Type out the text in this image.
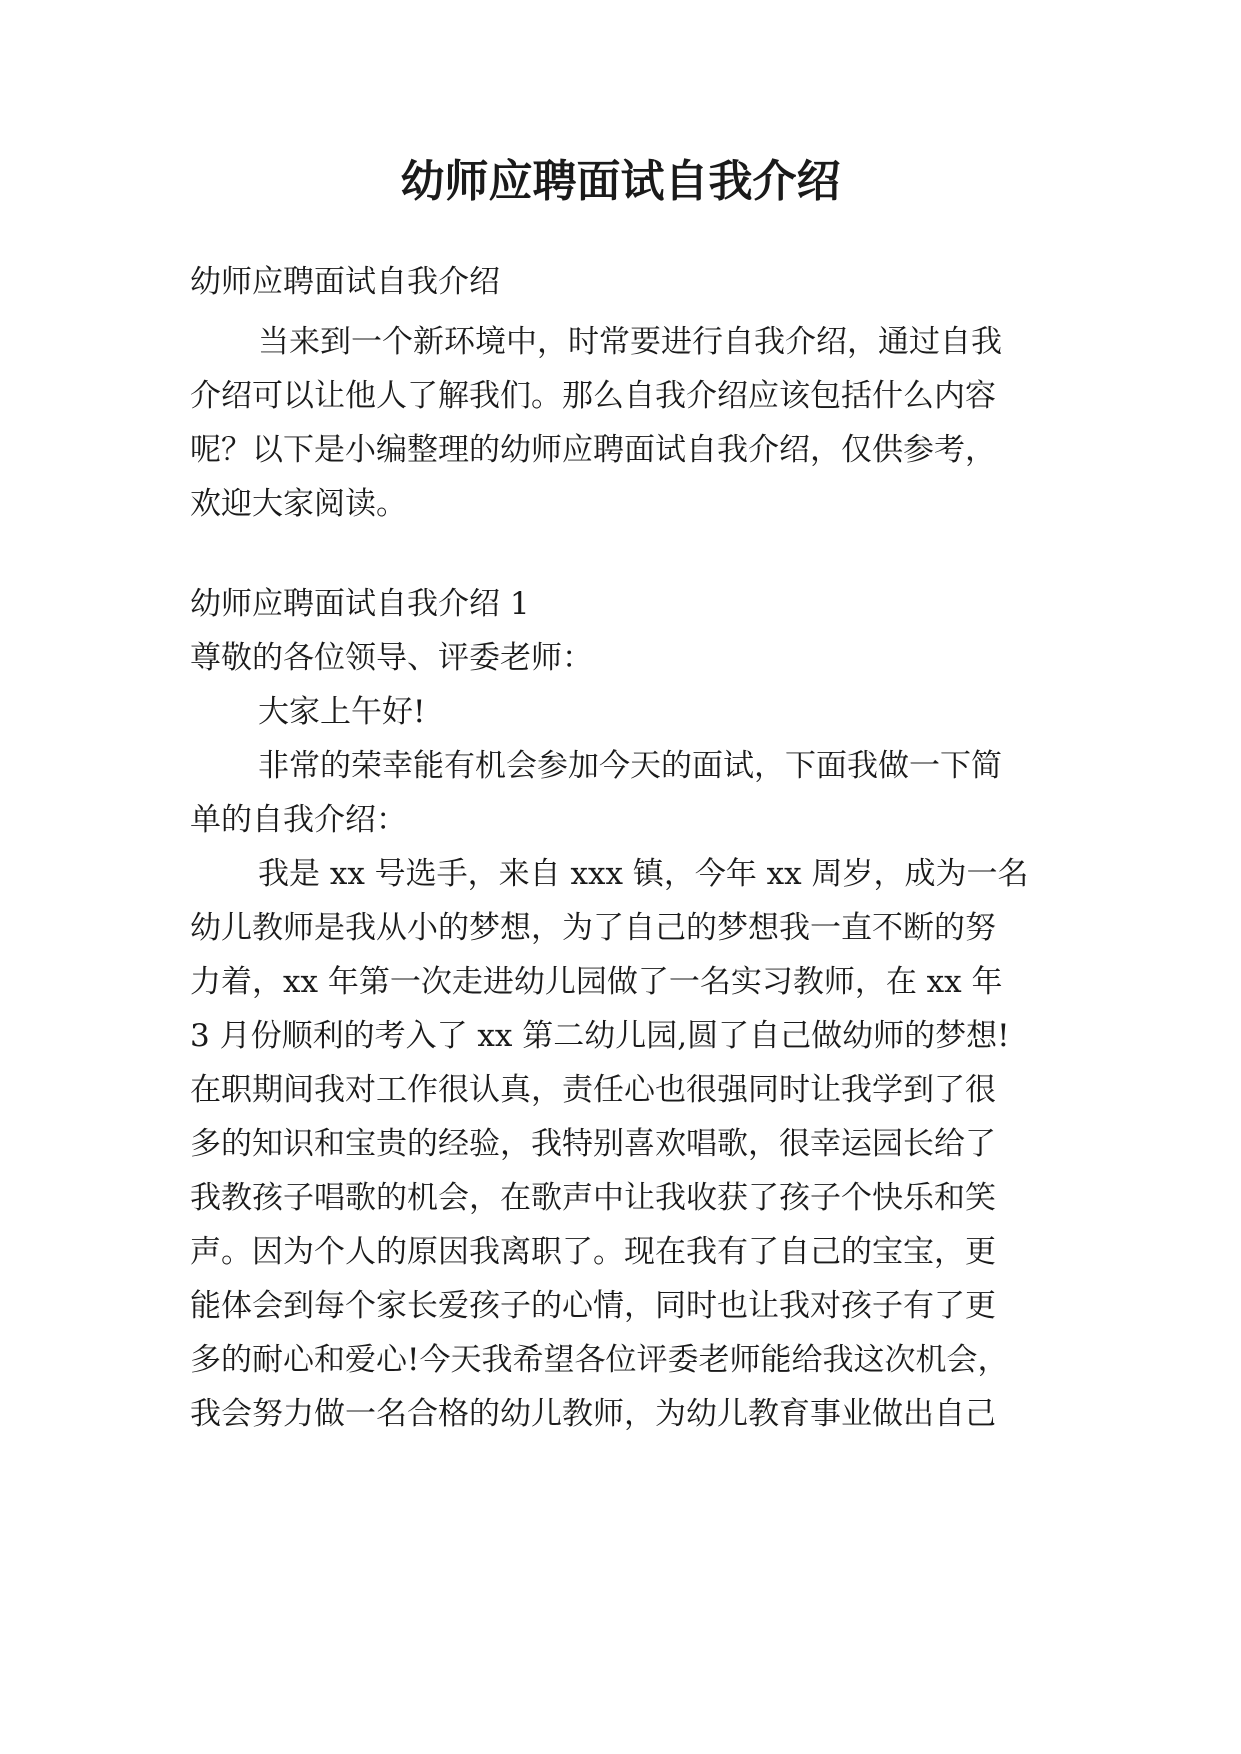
幼师应聘面试自我介绍

幼师应聘面试自我介绍

当来到一个新环境中，时常要进行自我介绍，通过自我

介绍可以让他人了解我们。那么自我介绍应该包括什么内容

呢？以下是小编整理的幼师应聘面试自我介绍，仅供参考，

欢迎大家阅读。

幼师应聘面试自我介绍 1

尊敬的各位领导、评委老师：

大家上午好!

非常的荣幸能有机会参加今天的面试，下面我做一下简

单的自我介绍：

我是 xx 号选手，来自 xxx 镇，今年 xx 周岁，成为一名

幼儿教师是我从小的梦想，为了自己的梦想我一直不断的努

力着，xx 年第一次走进幼儿园做了一名实习教师，在 xx 年

3 月份顺利的考入了 xx 第二幼儿园,圆了自己做幼师的梦想!

在职期间我对工作很认真，责任心也很强同时让我学到了很

多的知识和宝贵的经验，我特别喜欢唱歌，很幸运园长给了

我教孩子唱歌的机会，在歌声中让我收获了孩子个快乐和笑

声。因为个人的原因我离职了。现在我有了自己的宝宝，更

能体会到每个家长爱孩子的心情，同时也让我对孩子有了更

多的耐心和爱心!今天我希望各位评委老师能给我这次机会，

我会努力做一名合格的幼儿教师，为幼儿教育事业做出自己
